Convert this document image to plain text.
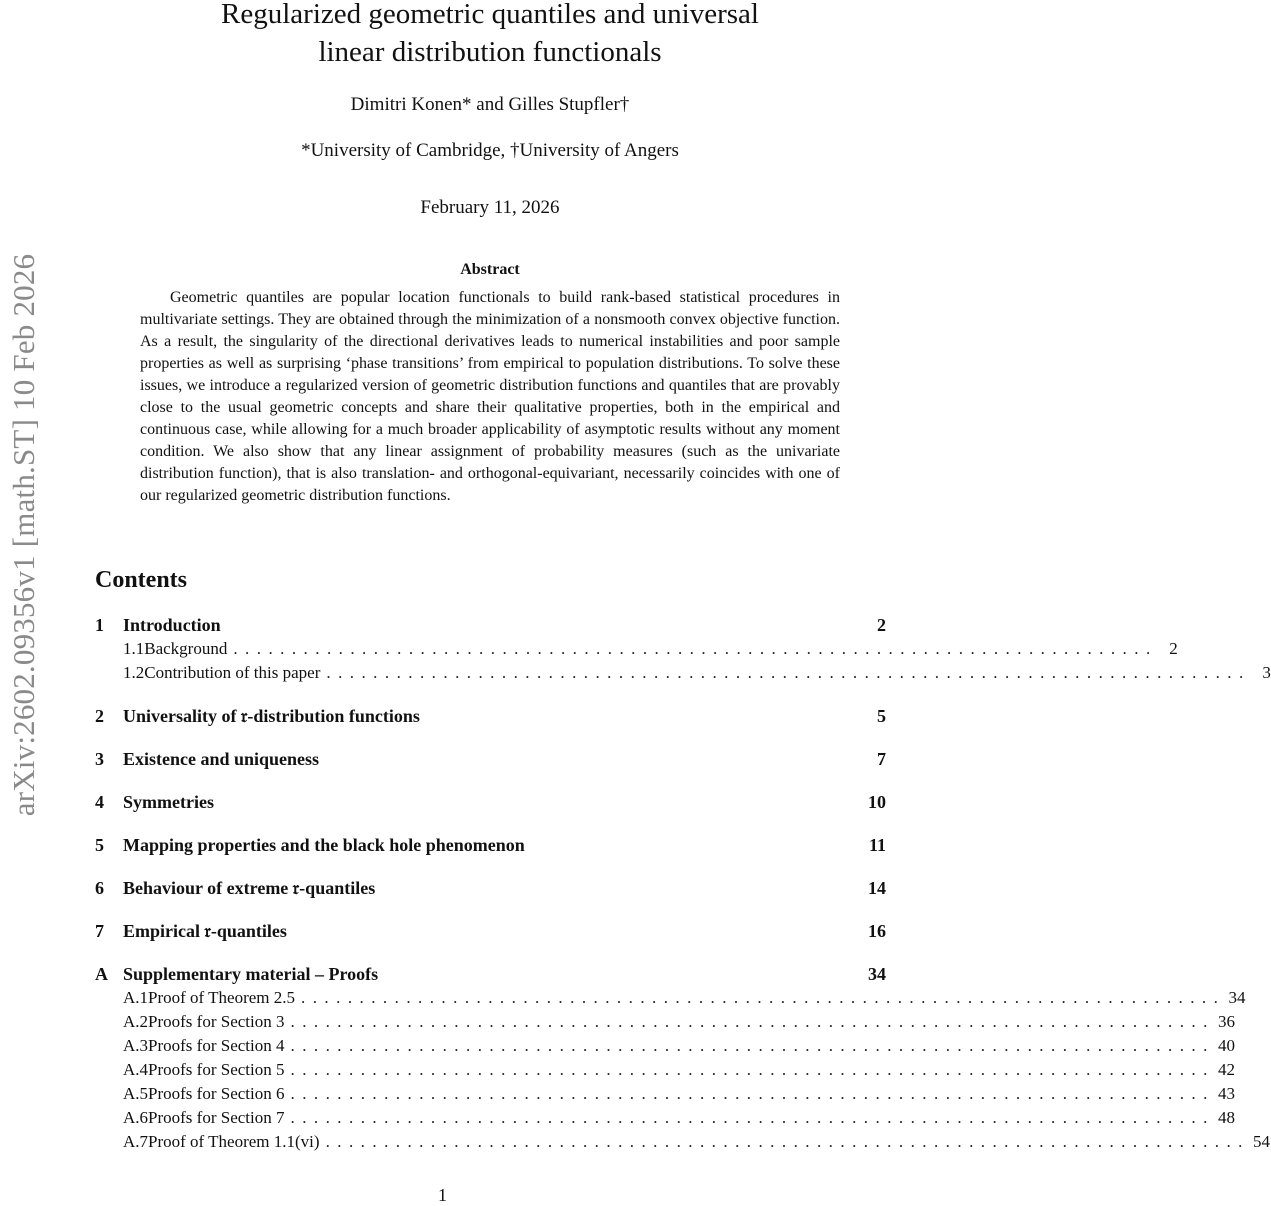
arXiv:2602.09356v1 [math.ST] 10 Feb 2026
Regularized geometric quantiles and universal
linear distribution functionals
Dimitri Konen* and Gilles Stupfler†
*University of Cambridge, †University of Angers
February 11, 2026
Abstract

Geometric quantiles are popular location functionals to build rank-based statistical procedures in multivariate settings. They are obtained through the minimization of a nonsmooth convex objective function. As a result, the singularity of the directional derivatives leads to numerical instabilities and poor sample properties as well as surprising ‘phase transitions’ from empirical to population distributions. To solve these issues, we introduce a regularized version of geometric distribution functions and quantiles that are provably close to the usual geometric concepts and share their qualitative properties, both in the empirical and continuous case, while allowing for a much broader applicability of asymptotic results without any moment condition. We also show that any linear assignment of probability measures (such as the univariate distribution function), that is also translation- and orthogonal-equivariant, necessarily coincides with one of our regularized geometric distribution functions.

Contents
1	Introduction	2
1.1 Background . . .	2
1.2 Contribution of this paper . . .	3
2	Universality of 𝔯-distribution functions	5
3	Existence and uniqueness	7
4	Symmetries	10
5	Mapping properties and the black hole phenomenon	11
6	Behaviour of extreme 𝔯-quantiles	14
7	Empirical 𝔯-quantiles	16
A Supplementary material – Proofs	34
A.1 Proof of Theorem 2.5 . . .	34
A.2 Proofs for Section 3 . . .	36
A.3 Proofs for Section 4 . . .	40
A.4 Proofs for Section 5 . . .	42
A.5 Proofs for Section 6 . . .	43
A.6 Proofs for Section 7 . . .	48
A.7 Proof of Theorem 1.1(vi) . . .	54
1
